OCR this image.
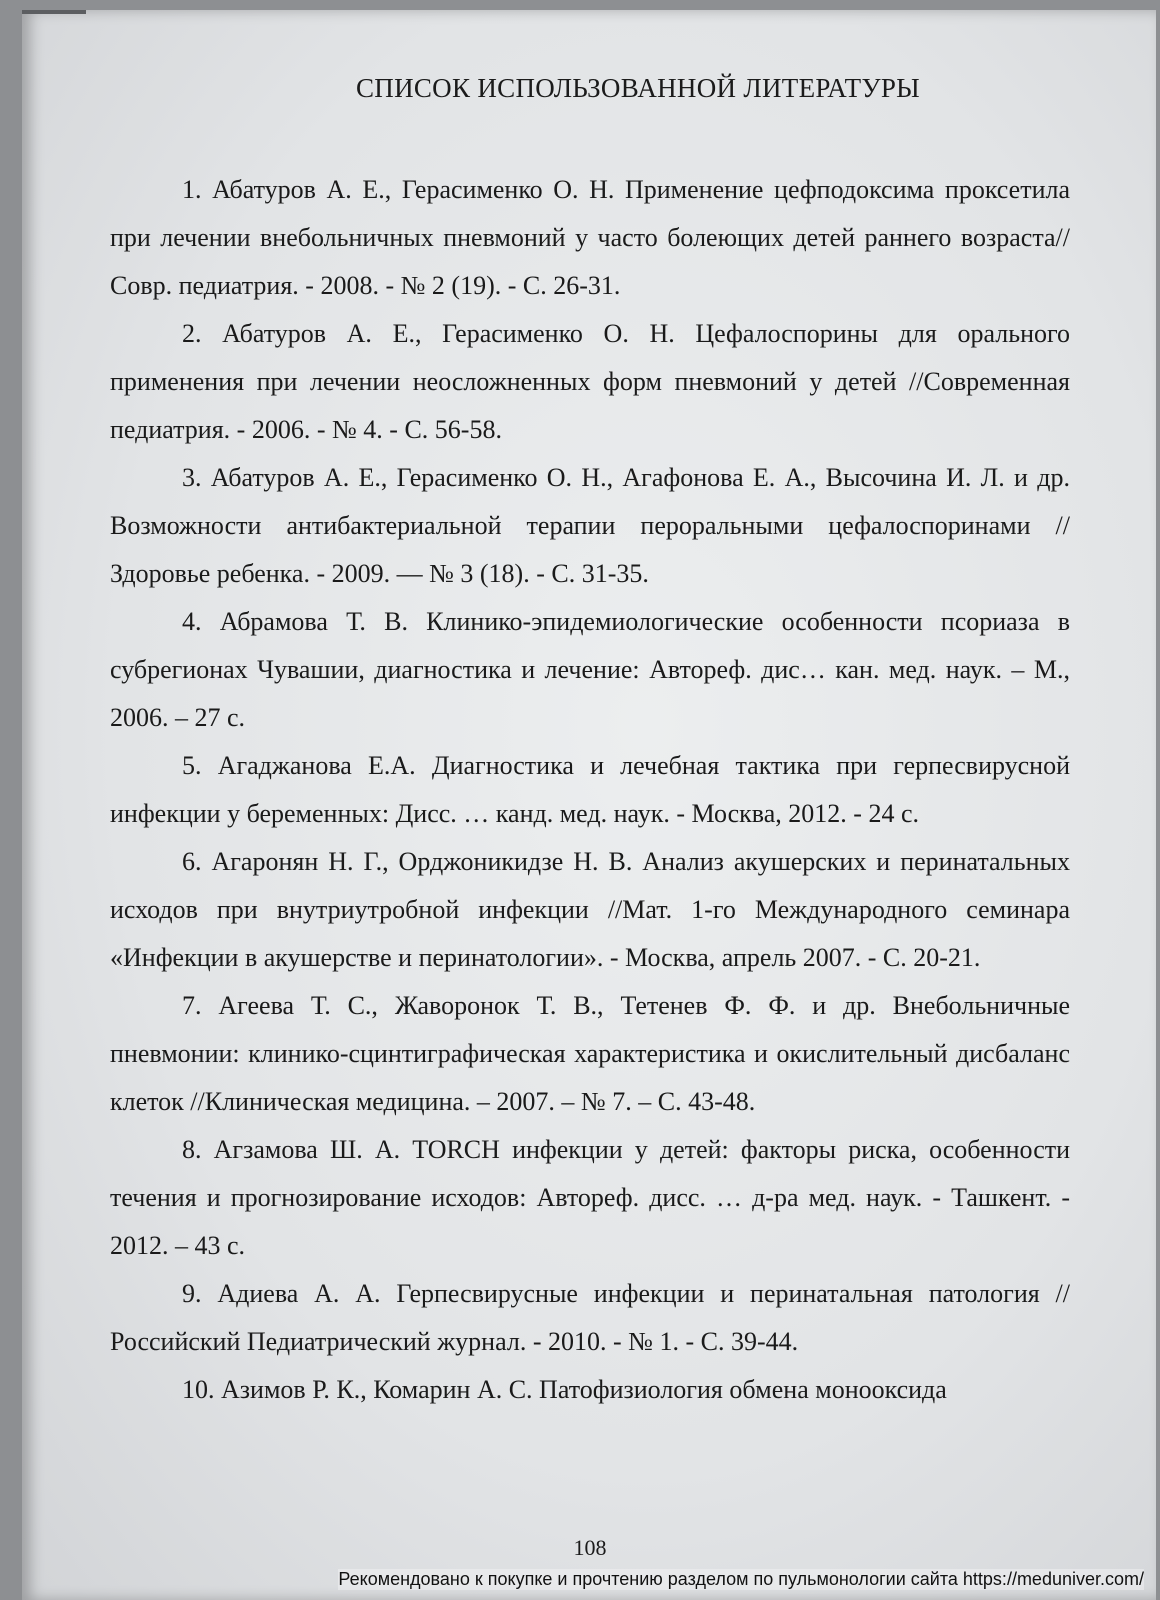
СПИСОК ИСПОЛЬЗОВАННОЙ ЛИТЕРАТУРЫ

1. Абатуров А. Е., Герасименко О. Н. Применение цефподоксима проксетила при лечении внебольничных пневмоний у часто болеющих детей раннего возраста//Совр. педиатрия. - 2008. - № 2 (19). - С. 26-31.

2. Абатуров А. Е., Герасименко О. Н. Цефалоспорины для орального применения при лечении неосложненных форм пневмоний у детей //Современная педиатрия. - 2006. - № 4. - С. 56-58.

3. Абатуров А. Е., Герасименко О. Н., Агафонова Е. А., Высочина И. Л. и др. Возможности антибактериальной терапии пероральными цефалоспоринами //Здоровье ребенка. - 2009. — № 3 (18). - С. 31-35.

4. Абрамова Т. В. Клинико-эпидемиологические особенности псориаза в субрегионах Чувашии, диагностика и лечение: Автореф. дис… кан. мед. наук. – М., 2006. – 27 с.

5. Агаджанова Е.А. Диагностика и лечебная тактика при герпесвирусной инфекции у беременных: Дисс. … канд. мед. наук. - Москва, 2012. - 24 с.

6. Агаронян Н. Г., Орджоникидзе Н. В. Анализ акушерских и перинатальных исходов при внутриутробной инфекции //Мат. 1-го Международного семинара «Инфекции в акушерстве и перинатологии». - Москва, апрель 2007. - С. 20-21.

7. Агеева Т. С., Жаворонок Т. В., Тетенев Ф. Ф. и др. Внебольничные пневмонии: клинико-сцинтиграфическая характеристика и окислительный дисбаланс клеток //Клиническая медицина. – 2007. – № 7. – С. 43-48.

8. Агзамова Ш. А. TORCH инфекции у детей: факторы риска, особенности течения и прогнозирование исходов: Автореф. дисс. … д-ра мед. наук. - Ташкент. - 2012. – 43 с.

9. Адиева А. А. Герпесвирусные инфекции и перинатальная патология //Российский Педиатрический журнал. - 2010. - № 1. - С. 39-44.

10. Азимов Р. К., Комарин А. С. Патофизиология обмена монооксида

108
Рекомендовано к покупке и прочтению разделом по пульмонологии сайта https://meduniver.com/
